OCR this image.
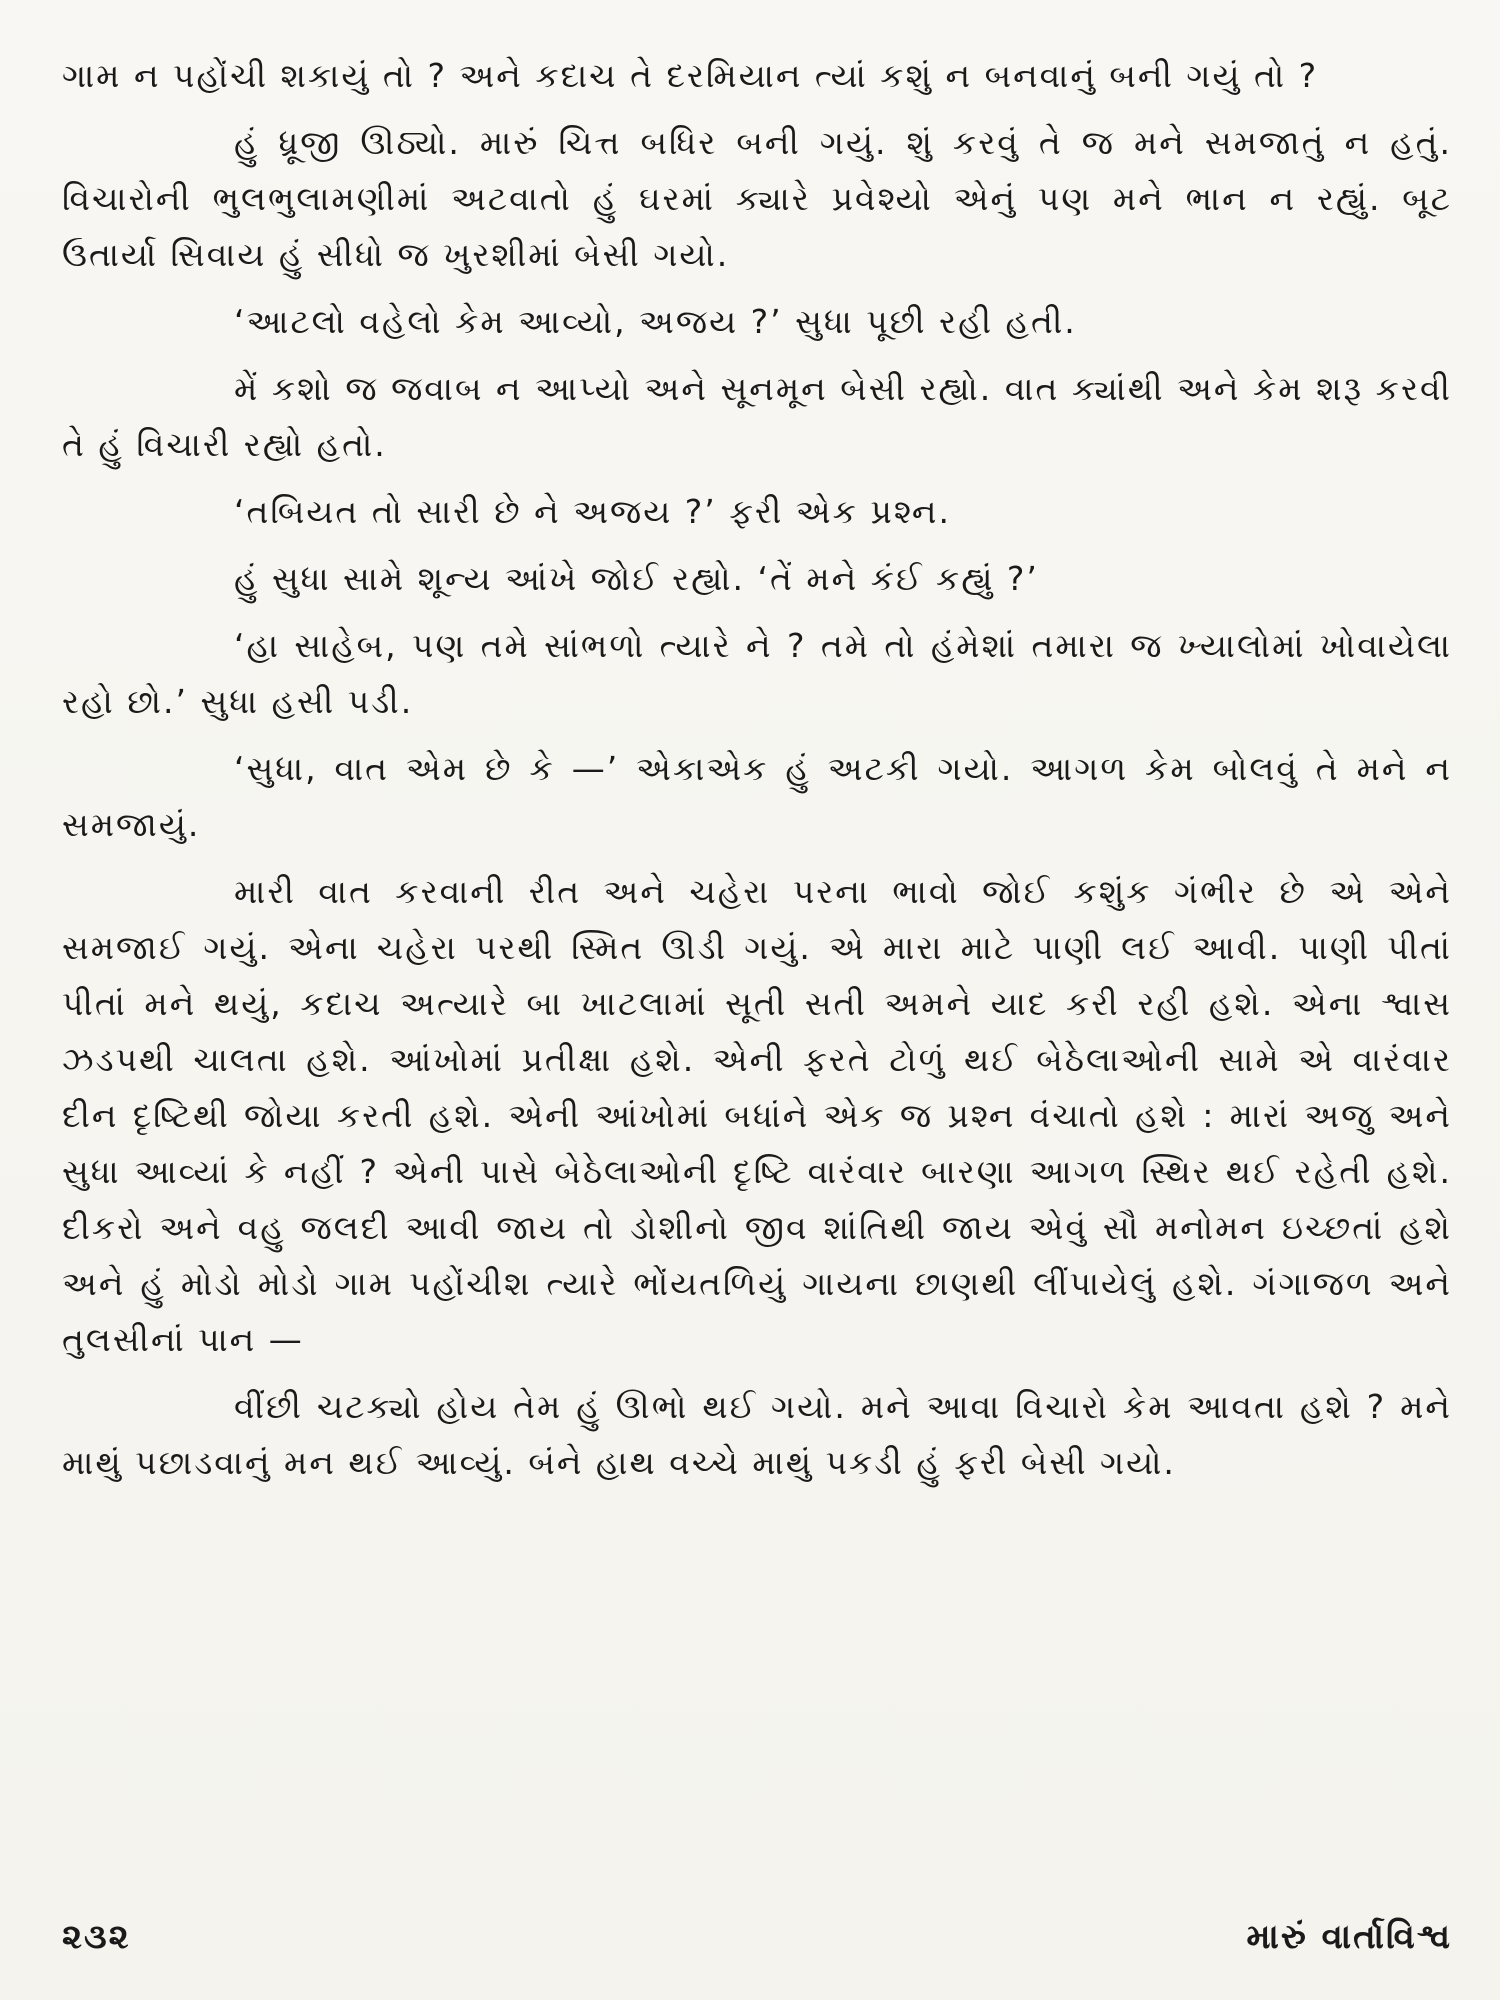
ગામ ન પહોંચી શકાયું તો ? અને કદાચ તે દરમિયાન ત્યાં કશું ન બનવાનું બની ગયું તો ?

હું ધ્રૂજી ઊઠ્યો. મારું ચિત્ત બધિર બની ગયું. શું કરવું તે જ મને સમજાતું ન હતું. વિચારોની ભુલભુલામણીમાં અટવાતો હું ઘરમાં ક્યારે પ્રવેશ્યો એનું પણ મને ભાન ન રહ્યું. બૂટ ઉતાર્યા સિવાય હું સીધો જ ખુરશીમાં બેસી ગયો.

‘આટલો વહેલો કેમ આવ્યો, અજય ?’ સુધા પૂછી રહી હતી.

મેં કશો જ જવાબ ન આપ્યો અને સૂનમૂન બેસી રહ્યો. વાત ક્યાંથી અને કેમ શરૂ કરવી તે હું વિચારી રહ્યો હતો.

‘તબિયત તો સારી છે ને અજય ?’ ફરી એક પ્રશ્ન.

હું સુધા સામે શૂન્ય આંખે જોઈ રહ્યો. ‘તેં મને કંઈ કહ્યું ?’

‘હા સાહેબ, પણ તમે સાંભળો ત્યારે ને ? તમે તો હંમેશાં તમારા જ ખ્યાલોમાં ખોવાયેલા રહો છો.’ સુધા હસી પડી.

‘સુધા, વાત એમ છે કે —’ એકાએક હું અટકી ગયો. આગળ કેમ બોલવું તે મને ન સમજાયું.

મારી વાત કરવાની રીત અને ચહેરા પરના ભાવો જોઈ કશુંક ગંભીર છે એ એને સમજાઈ ગયું. એના ચહેરા પરથી સ્મિત ઊડી ગયું. એ મારા માટે પાણી લઈ આવી. પાણી પીતાં પીતાં મને થયું, કદાચ અત્યારે બા ખાટલામાં સૂતી સતી અમને યાદ કરી રહી હશે. એના શ્વાસ ઝડપથી ચાલતા હશે. આંખોમાં પ્રતીક્ષા હશે. એની ફરતે ટોળું થઈ બેઠેલાઓની સામે એ વારંવાર દીન દૃષ્ટિથી જોયા કરતી હશે. એની આંખોમાં બધાંને એક જ પ્રશ્ન વંચાતો હશે : મારાં અજુ અને સુધા આવ્યાં કે નહીં ? એની પાસે બેઠેલાઓની દૃષ્ટિ વારંવાર બારણા આગળ સ્થિર થઈ રહેતી હશે. દીકરો અને વહુ જલદી આવી જાય તો ડોશીનો જીવ શાંતિથી જાય એવું સૌ મનોમન ઇચ્છતાં હશે અને હું મોડો મોડો ગામ પહોંચીશ ત્યારે ભોંયતળિયું ગાયના છાણથી લીંપાયેલું હશે. ગંગાજળ અને તુલસીનાં પાન —

વીંછી ચટક્યો હોય તેમ હું ઊભો થઈ ગયો. મને આવા વિચારો કેમ આવતા હશે ? મને માથું પછાડવાનું મન થઈ આવ્યું. બંને હાથ વચ્ચે માથું પકડી હું ફરી બેસી ગયો.

૨૩૨	મારું વાર્તાવિશ્વ
